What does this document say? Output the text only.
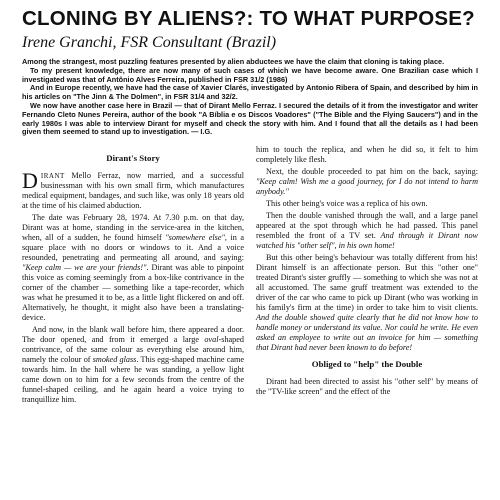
CLONING BY ALIENS?: TO WHAT PURPOSE?
Irene Granchi, FSR Consultant (Brazil)

Among the strangest, most puzzling features presented by alien abductees we have the claim that cloning is taking place.

To my present knowledge, there are now many of such cases of which we have become aware. One Brazilian case which I investigated was that of Antônio Alves Ferreira, published in FSR 31/2 (1986)

And in Europe recently, we have had the case of Xavier Clarés, investigated by Antonio Ribera of Spain, and described by him in his articles on "The Jinn & The Dolmen", in FSR 31/4 and 32/2.

We now have another case here in Brazil — that of Dirant Mello Ferraz. I secured the details of it from the investigator and writer Fernando Cleto Nunes Pereira, author of the book "A Bíblia e os Discos Voadores" ("The Bible and the Flying Saucers") and in the early 1980s I was able to interview Dirant for myself and check the story with him. And I found that all the details as I had been given them seemed to stand up to investigation. — I.G.

Dirant's Story

DIRANT Mello Ferraz, now married, and a successful businessman with his own small firm, which manufactures medical equipment, bandages, and such like, was only 18 years old at the time of his claimed abduction.

The date was February 28, 1974. At 7.30 p.m. on that day, Dirant was at home, standing in the service-area in the kitchen, when, all of a sudden, he found himself "somewhere else", in a square place with no doors or windows to it. And a voice resounded, penetrating and permeating all around, and saying: "Keep calm — we are your friends!". Dirant was able to pinpoint this voice as coming seemingly from a box-like contrivance in the corner of the chamber — something like a tape-recorder, which was what he presumed it to be, as a little light flickered on and off. Alternatively, he thought, it might also have been a translating-device.

And now, in the blank wall before him, there appeared a door. The door opened, and from it emerged a large oval-shaped contrivance, of the same colour as everything else around him, namely the colour of smoked glass. This egg-shaped machine came towards him. In the hall where he was standing, a yellow light came down on to him for a few seconds from the centre of the funnel-shaped ceiling, and he again heard a voice trying to tranquillize him.

him to touch the replica, and when he did so, it felt to him completely like flesh.

Next, the double proceeded to pat him on the back, saying: "Keep calm! Wish me a good journey, for I do not intend to harm anybody."

This other being's voice was a replica of his own.

Then the double vanished through the wall, and a large panel appeared at the spot through which he had passed. This panel resembled the front of a TV set. And through it Dirant now watched his "other self", in his own home!

But this other being's behaviour was totally different from his! Dirant himself is an affectionate person. But this "other one" treated Dirant's sister gruffly — something to which she was not at all accustomed. The same gruff treatment was extended to the driver of the car who came to pick up Dirant (who was working in his family's firm at the time) in order to take him to visit clients. And the double showed quite clearly that he did not know how to handle money or understand its value. Nor could he write. He even asked an employee to write out an invoice for him — something that Dirant had never been known to do before!

Obliged to "help" the Double

Dirant had been directed to assist his "other self" by means of the "TV-like screen" and the effect of the
